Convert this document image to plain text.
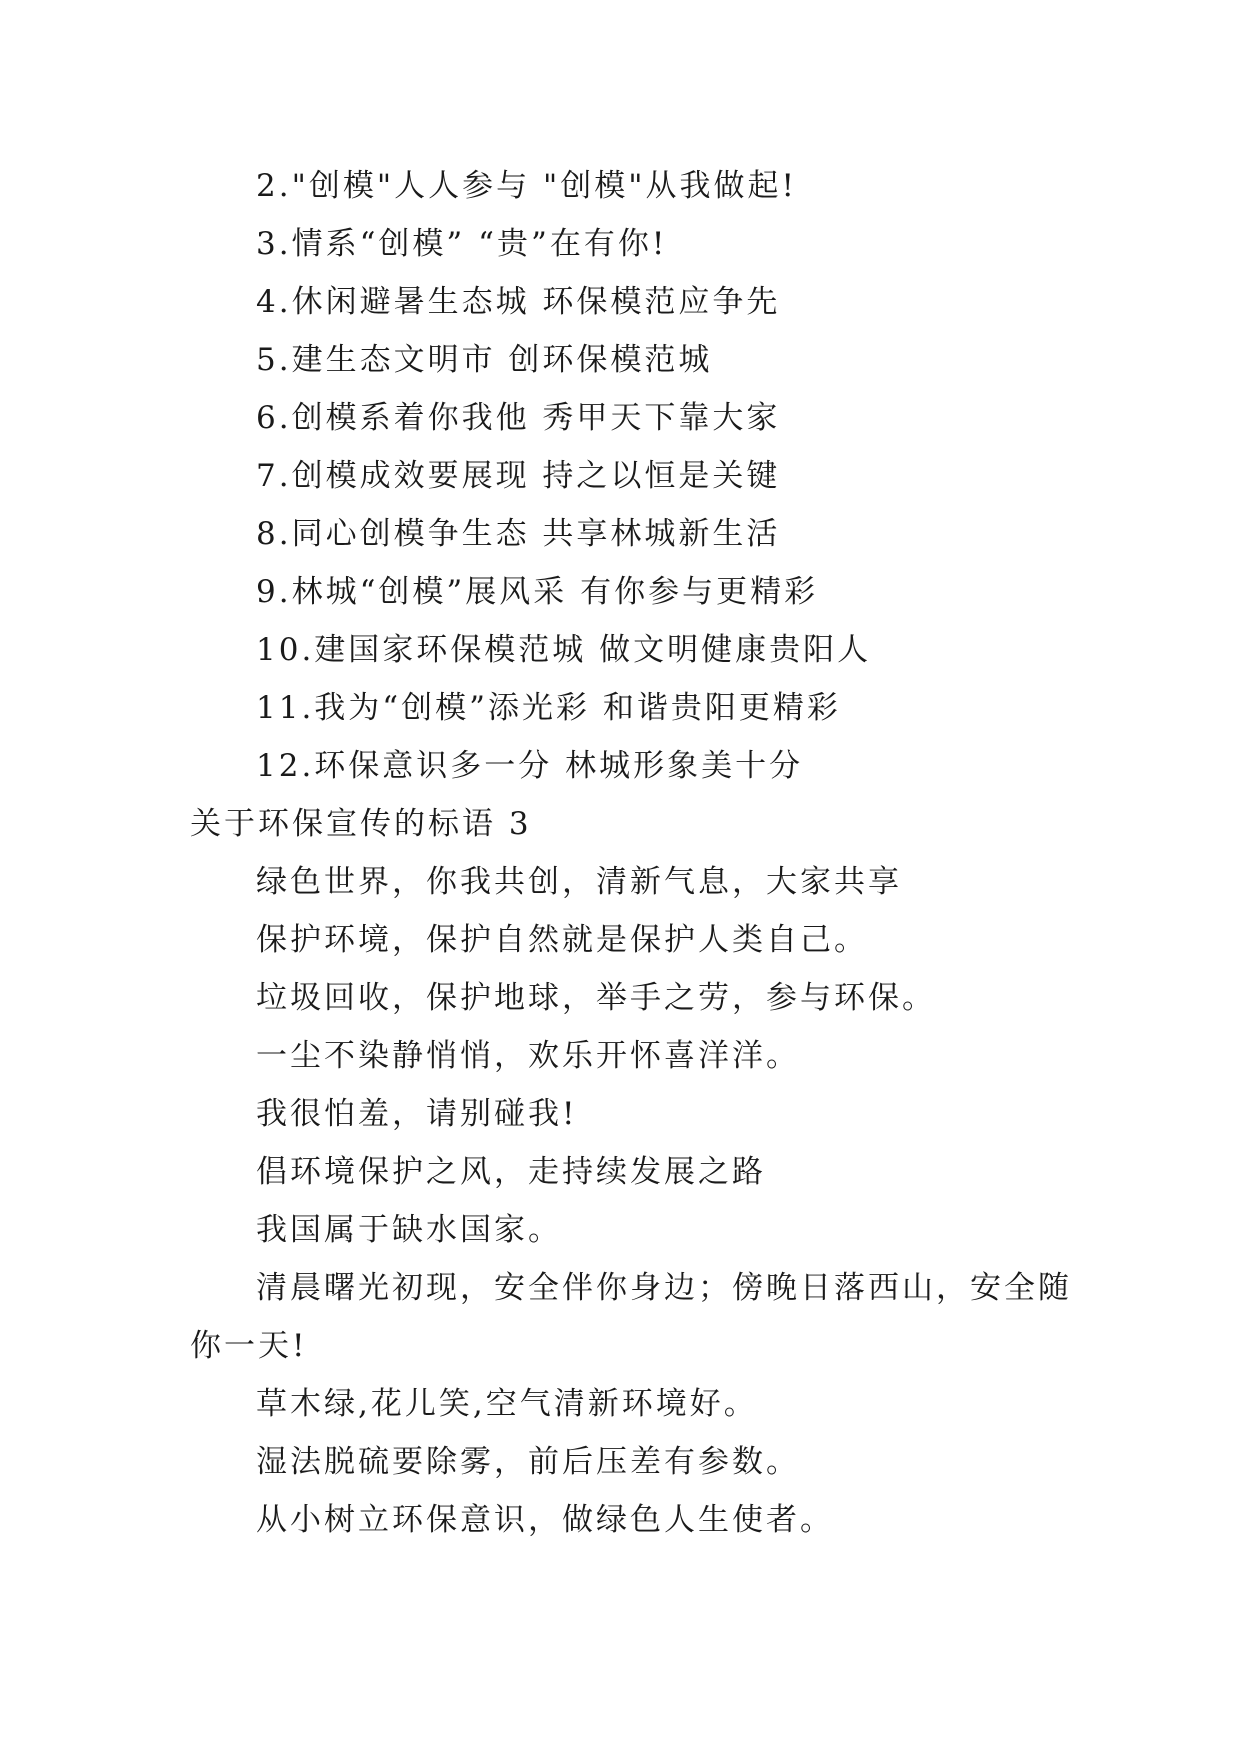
2."创模"人人参与 "创模"从我做起!
3.情系“创模” “贵”在有你!
4.休闲避暑生态城 环保模范应争先
5.建生态文明市 创环保模范城
6.创模系着你我他 秀甲天下靠大家
7.创模成效要展现 持之以恒是关键
8.同心创模争生态 共享林城新生活
9.林城“创模”展风采 有你参与更精彩
10.建国家环保模范城 做文明健康贵阳人
11.我为“创模”添光彩 和谐贵阳更精彩
12.环保意识多一分 林城形象美十分
关于环保宣传的标语 3
绿色世界，你我共创，清新气息，大家共享
保护环境，保护自然就是保护人类自己。
垃圾回收，保护地球，举手之劳，参与环保。
一尘不染静悄悄，欢乐开怀喜洋洋。
我很怕羞，请别碰我!
倡环境保护之风，走持续发展之路
我国属于缺水国家。
清晨曙光初现，安全伴你身边；傍晚日落西山，安全随
你一天!
草木绿,花儿笑,空气清新环境好。
湿法脱硫要除雾，前后压差有参数。
从小树立环保意识，做绿色人生使者。
